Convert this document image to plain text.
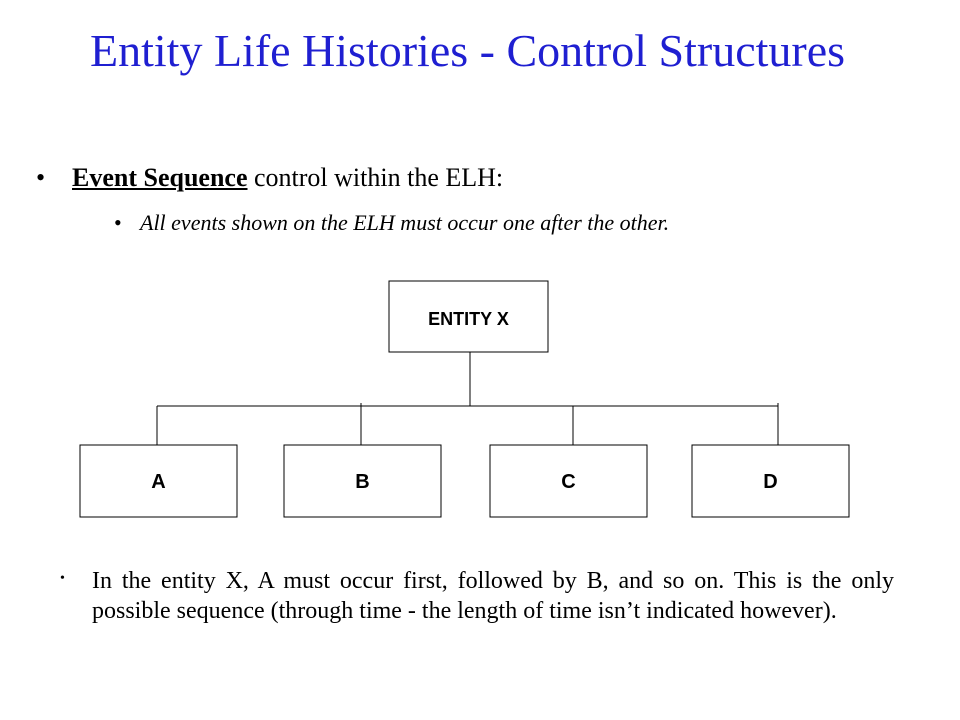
Entity Life Histories - Control Structures
• Event Sequence control within the ELH:
• All events shown on the ELH must occur one after the other.
ENTITY X
A	B	C	D
• In the entity X, A must occur first, followed by B, and so on. This is the only possible sequence (through time - the length of time isn’t indicated however).
